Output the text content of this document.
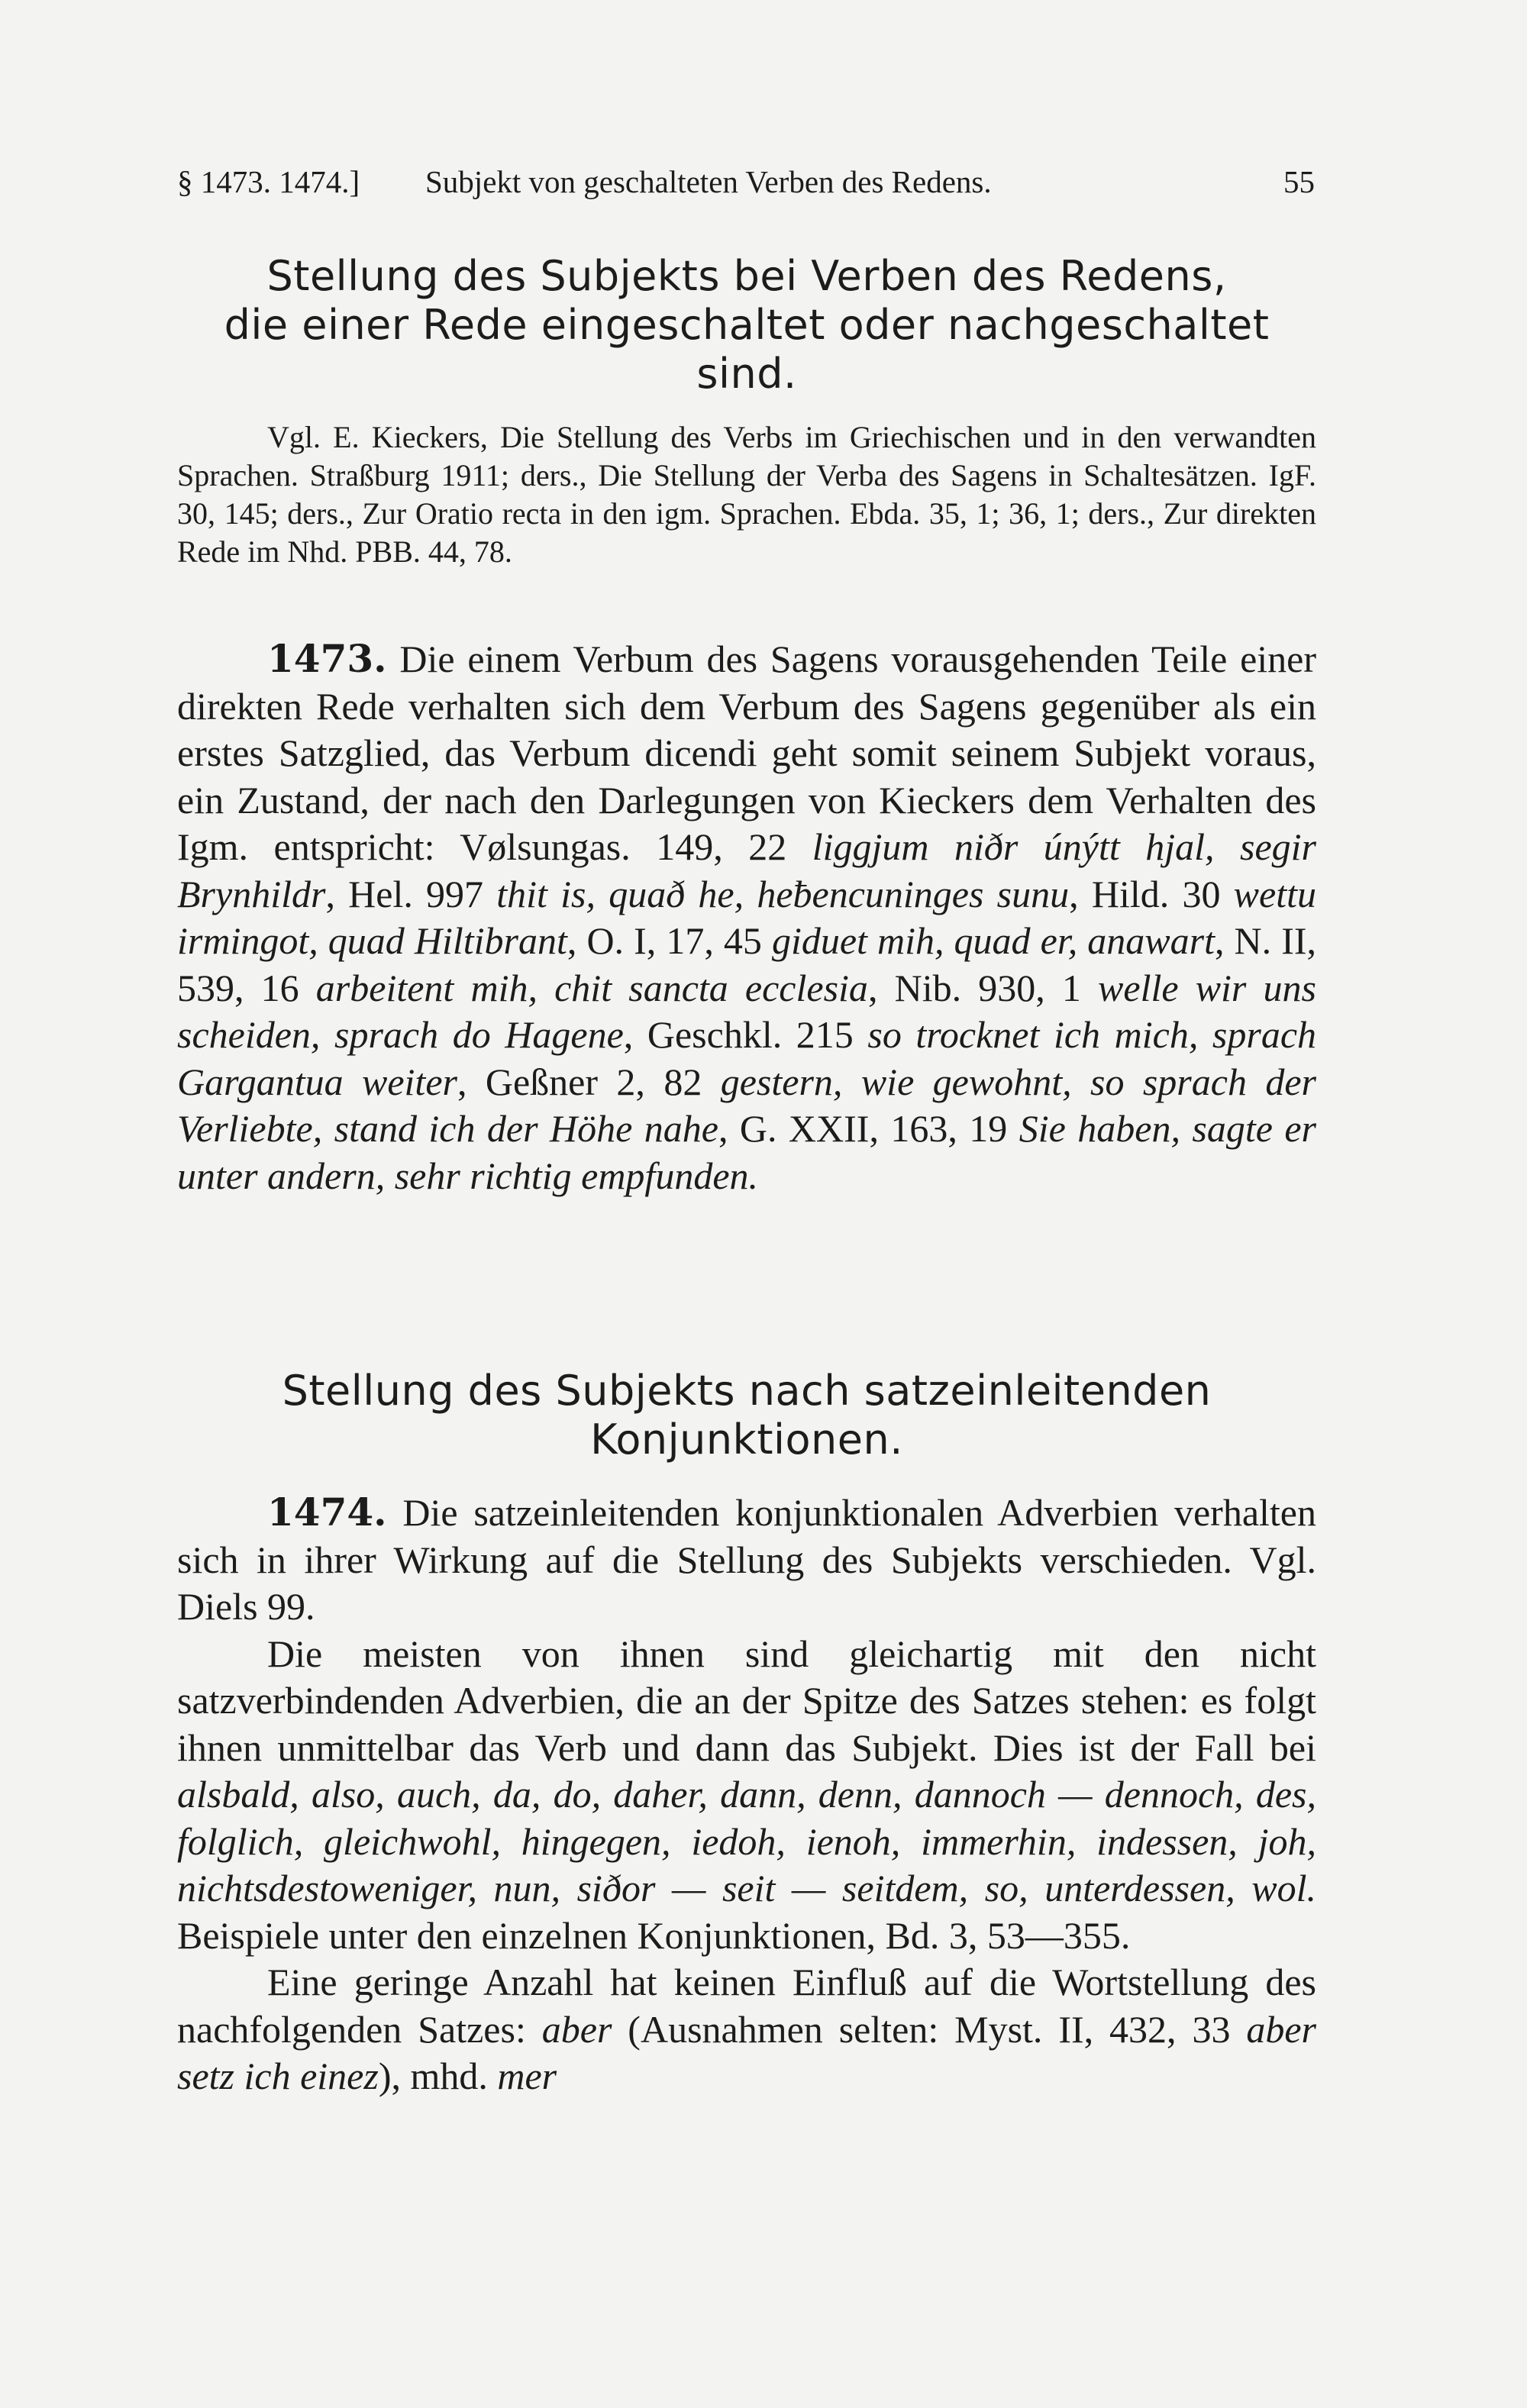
§ 1473. 1474.] Subjekt von geschalteten Verben des Redens.	55

Stellung des Subjekts bei Verben des Redens,

die einer Rede eingeschaltet oder nachgeschaltet

sind.

Vgl. E. Kieckers, Die Stellung des Verbs im Griechischen und in den verwandten Sprachen. Straßburg 1911; ders., Die Stellung der Verba des Sagens in Schaltesätzen. IgF. 30, 145; ders., Zur Oratio recta in den igm. Sprachen. Ebda. 35, 1; 36, 1; ders., Zur direkten Rede im Nhd. PBB. 44, 78.

1473. Die einem Verbum des Sagens vorausgehenden Teile einer direkten Rede verhalten sich dem Verbum des Sagens gegenüber als ein erstes Satzglied, das Verbum dicendi geht somit seinem Subjekt voraus, ein Zustand, der nach den Darlegungen von Kieckers dem Verhalten des Igm. entspricht: Vølsungas. 149, 22 liggjum niðr únýtt hjal, segir Brynhildr, Hel. 997 thit is, quað he, heƀencuninges sunu, Hild. 30 wettu irmingot, quad Hiltibrant, O. I, 17, 45 giduet mih, quad er, anawart, N. II, 539, 16 arbeitent mih, chit sancta ecclesia, Nib. 930, 1 welle wir uns scheiden, sprach do Hagene, Geschkl. 215 so trocknet ich mich, sprach Gargantua weiter, Geßner 2, 82 gestern, wie gewohnt, so sprach der Verliebte, stand ich der Höhe nahe, G. XXII, 163, 19 Sie haben, sagte er unter andern, sehr richtig empfunden.

Stellung des Subjekts nach satzeinleitenden

Konjunktionen.

1474. Die satzeinleitenden konjunktionalen Adverbien verhalten sich in ihrer Wirkung auf die Stellung des Subjekts verschieden. Vgl. Diels 99.

Die meisten von ihnen sind gleichartig mit den nicht satzverbindenden Adverbien, die an der Spitze des Satzes stehen: es folgt ihnen unmittelbar das Verb und dann das Subjekt. Dies ist der Fall bei alsbald, also, auch, da, do, daher, dann, denn, dannoch — dennoch, des, folglich, gleichwohl, hingegen, iedoh, ienoh, immerhin, indessen, joh, nichtsdestoweniger, nun, siðor — seit — seitdem, so, unterdessen, wol. Beispiele unter den einzelnen Konjunktionen, Bd. 3, 53—355.

Eine geringe Anzahl hat keinen Einfluß auf die Wortstellung des nachfolgenden Satzes: aber (Ausnahmen selten: Myst. II, 432, 33 aber setz ich einez), mhd. mer
